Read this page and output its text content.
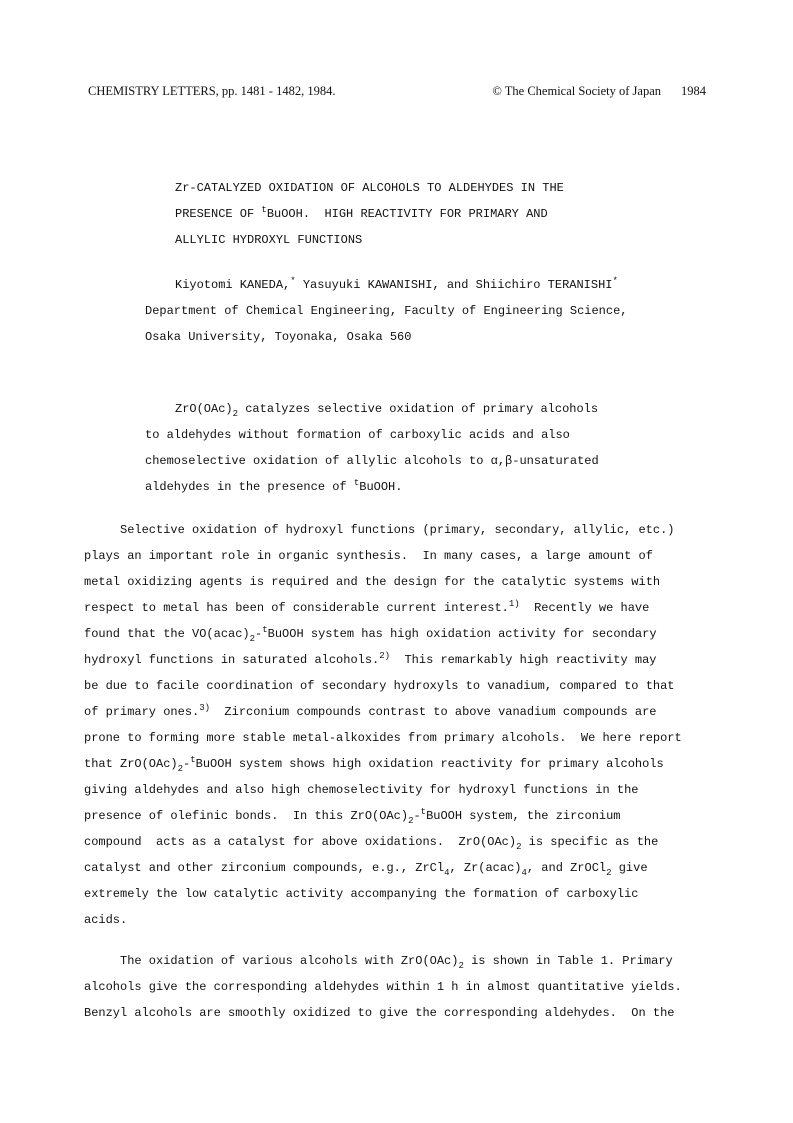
CHEMISTRY LETTERS, pp. 1481 - 1482, 1984.	© The Chemical Society of Japan 1984
Zr-CATALYZED OXIDATION OF ALCOHOLS TO ALDEHYDES IN THE
PRESENCE OF $^t$BuOOH.  HIGH REACTIVITY FOR PRIMARY AND
ALLYLIC HYDROXYL FUNCTIONS
Kiyotomi KANEDA,* Yasuyuki KAWANISHI, and Shiichiro TERANISHI*
Department of Chemical Engineering, Faculty of Engineering Science,
Osaka University, Toyonaka, Osaka 560
$ZrO(OAc)_2$ catalyzes selective oxidation of primary alcohols
to aldehydes without formation of carboxylic acids and also
chemoselective oxidation of allylic alcohols to α,β-unsaturated
aldehydes in the presence of $^t$BuOOH.
Selective oxidation of hydroxyl functions (primary, secondary, allylic, etc.)
plays an important role in organic synthesis.  In many cases, a large amount of
metal oxidizing agents is required and the design for the catalytic systems with
respect to metal has been of considerable current interest.$^{1)}$  Recently we have
found that the $VO(acac)_2-^tBuOOH$ system has high oxidation activity for secondary
hydroxyl functions in saturated alcohols.$^{2)}$  This remarkably high reactivity may
be due to facile coordination of secondary hydroxyls to vanadium, compared to that
of primary ones.$^{3)}$  Zirconium compounds contrast to above vanadium compounds are
prone to forming more stable metal-alkoxides from primary alcohols.  We here report
that $ZrO(OAc)_2-^tBuOOH$ system shows high oxidation reactivity for primary alcohols
giving aldehydes and also high chemoselectivity for hydroxyl functions in the
presence of olefinic bonds.  In this $ZrO(OAc)_2-^tBuOOH$ system, the zirconium
compound  acts as a catalyst for above oxidations.  $ZrO(OAc)_2$ is specific as the
catalyst and other zirconium compounds, e.g., ZrCl$_4$, $Zr(acac)_4$, and ZrOCl$_2$ give
extremely the low catalytic activity accompanying the formation of carboxylic
acids.
The oxidation of various alcohols with $ZrO(OAc)_2$ is shown in Table 1. Primary
alcohols give the corresponding aldehydes within 1 h in almost quantitative yields.
Benzyl alcohols are smoothly oxidized to give the corresponding aldehydes.  On the
